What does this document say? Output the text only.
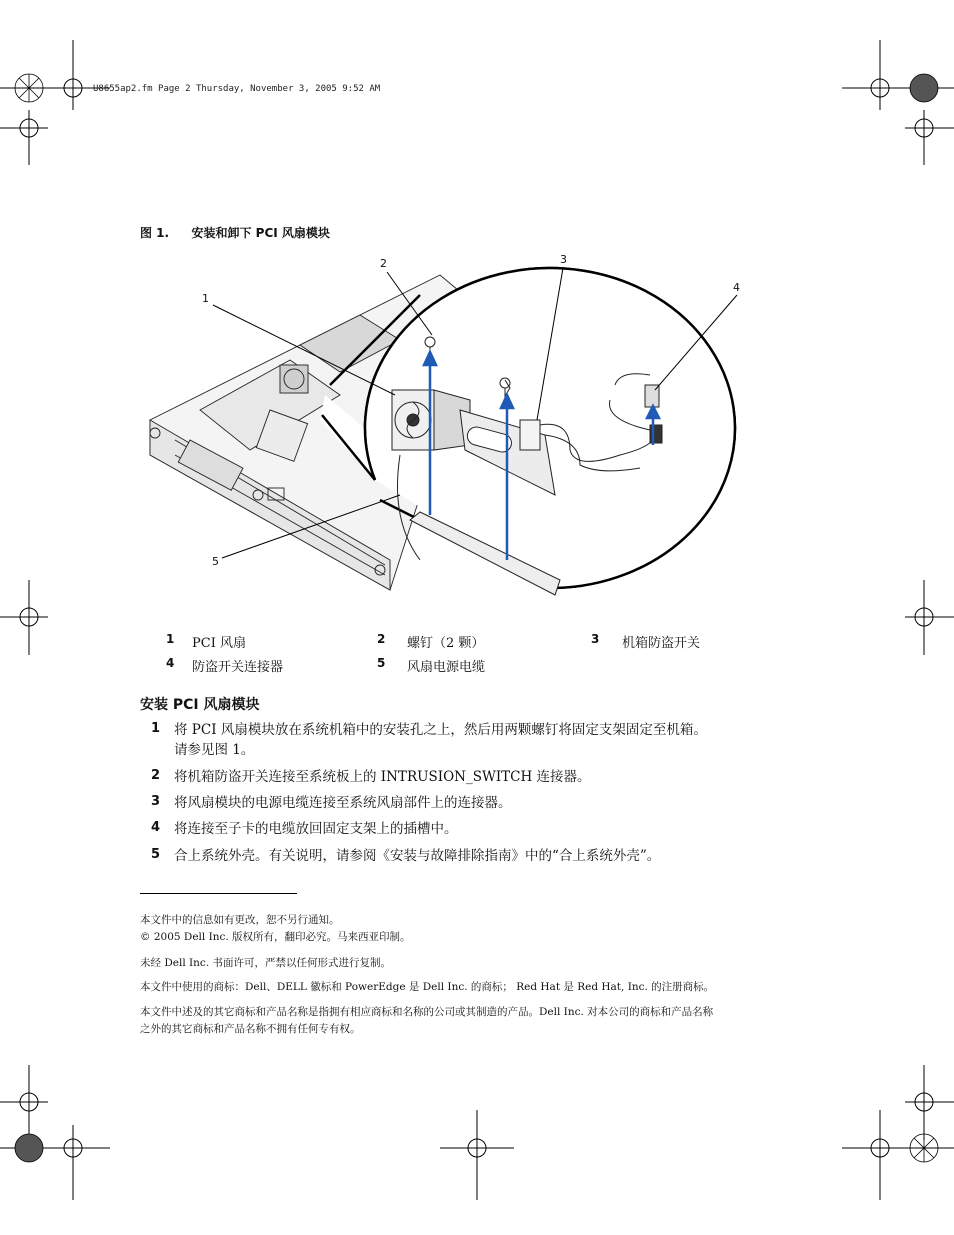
U8655ap2.fm Page 2 Thursday, November 3, 2005 9:52 AM
图 1. 安装和卸下 PCI 风扇模块
1
2	3
4
5
1 PCI 风扇	2 螺钉（2 颗）	3 机箱防盗开关
4 防盗开关连接器	5 风扇电源电缆
安装 PCI 风扇模块
1 将 PCI 风扇模块放在系统机箱中的安装孔之上，然后用两颗螺钉将固定支架固定至机箱。
请参见图 1。
2 将机箱防盗开关连接至系统板上的 INTRUSION_SWITCH 连接器。
3 将风扇模块的电源电缆连接至系统风扇部件上的连接器。
4 将连接至子卡的电缆放回固定支架上的插槽中。
5 合上系统外壳。有关说明，请参阅《安装与故障排除指南》中的“合上系统外壳”。
本文件中的信息如有更改，恕不另行通知。
© 2005 Dell Inc. 版权所有，翻印必究。马来西亚印制。
未经 Dell Inc. 书面许可，严禁以任何形式进行复制。
本文件中使用的商标：Dell、DELL 徽标和 PowerEdge 是 Dell Inc. 的商标； Red Hat 是 Red Hat, Inc. 的注册商标。
本文件中述及的其它商标和产品名称是指拥有相应商标和名称的公司或其制造的产品。Dell Inc. 对本公司的商标和产品名称
之外的其它商标和产品名称不拥有任何专有权。
